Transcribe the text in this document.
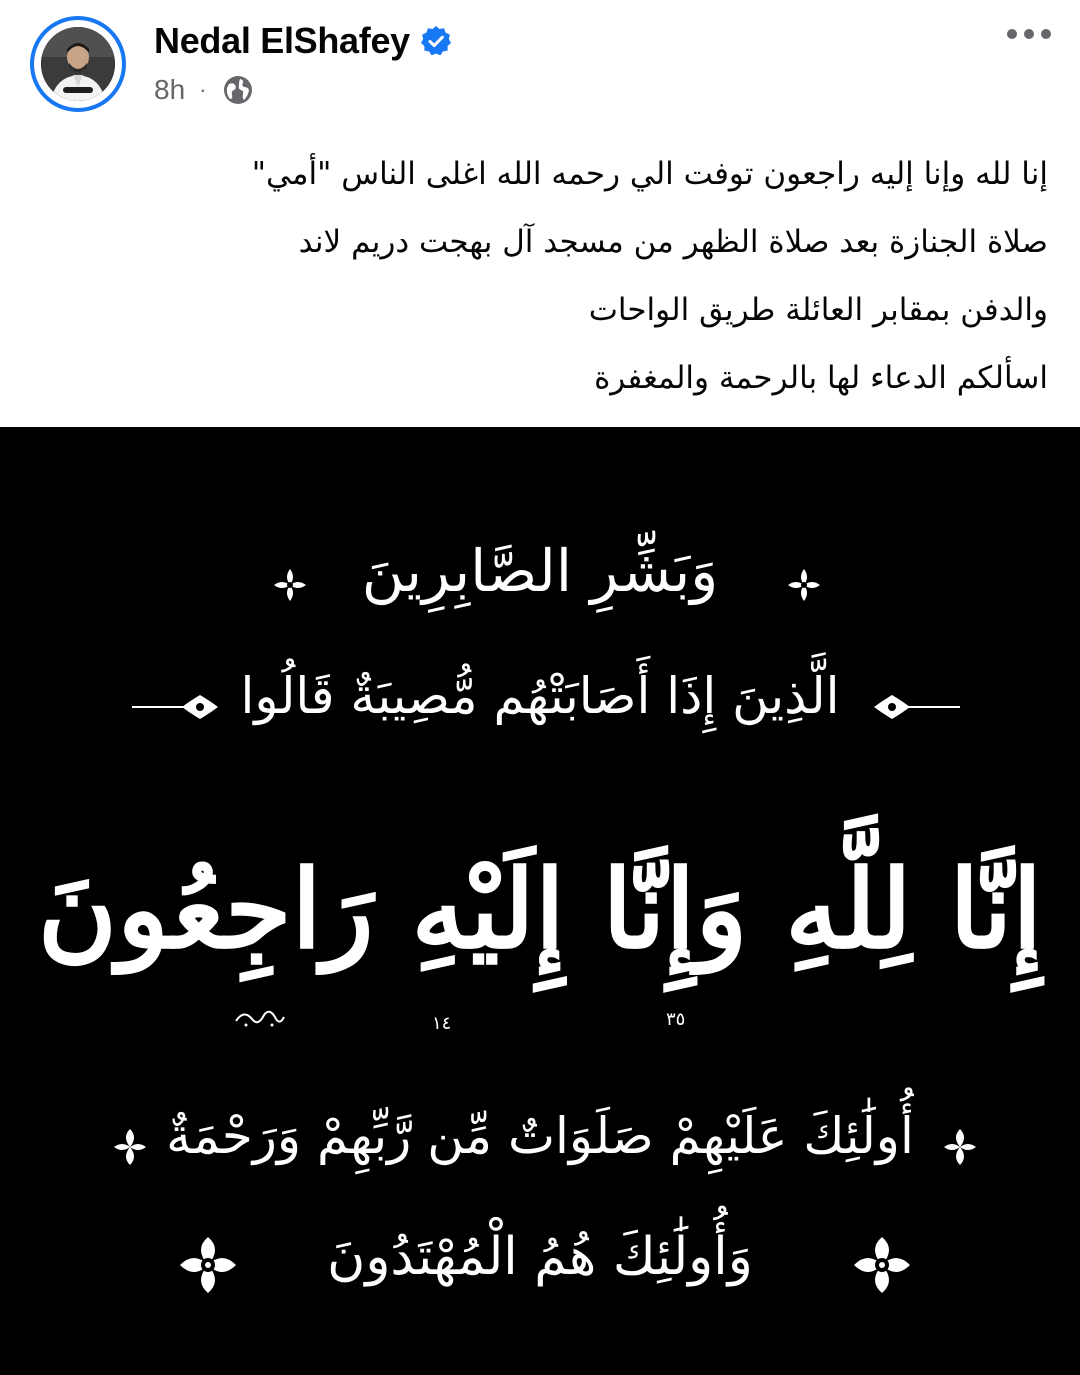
Nedal ElShafey
8h ·
إنا لله وإنا إليه راجعون توفت الي رحمه الله اغلى الناس "أمي"
صلاة الجنازة بعد صلاة الظهر من مسجد آل بهجت دريم لاند
والدفن بمقابر العائلة طريق الواحات
اسألكم الدعاء لها بالرحمة والمغفرة
وَبَشِّرِ الصَّابِرِينَ
الَّذِينَ إِذَا أَصَابَتْهُم مُّصِيبَةٌ قَالُوا
إِنَّا لِلَّهِ وَإِنَّا إِلَيْهِ رَاجِعُونَ
أُولَٰئِكَ عَلَيْهِمْ صَلَوَاتٌ مِّن رَّبِّهِمْ وَرَحْمَةٌ
وَأُولَٰئِكَ هُمُ الْمُهْتَدُونَ
١٤	٣٥
